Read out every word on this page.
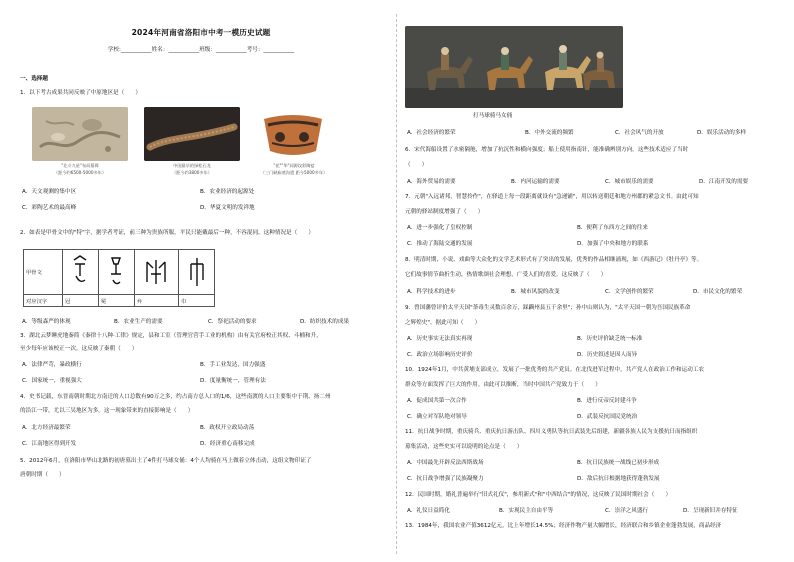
2024年河南省洛阳市中考一模历史试题
学校:___________姓名：___________班级：___________考号：___________
一、选择题
1．以下考古成果共同反映了中原地区是（　　）
"北斗九星"布局墓葬
（距今约6500-5000多年）
中国最早的绿松石龙
（距今约3800多年）
"花""华"同源纹彩陶盆
（三门峡庙底沟遗 距今5000多年）
A．天文观测的集中区	B．农业经济的起源处
C．彩陶艺术的最高峰	D．华夏文明的发祥地
2．如表是甲骨文中的"特"字，据学者考证，前三种为贵族所服，平民只能戴最后一种，不容混同，这种情况是（　　）
甲骨文	

对应汉字	冠	冕	弁	巾
A．等级森严的体现	B．农业生产的需要	C．祭祀活动的要求	D．纺织技术的成果
3．湖北云梦睡虎地秦简《秦律十八种·工律》规定，县和工室（管理官营手工业的机构）由有关官府校正其权、斗桶和升，
至少每年应该校正一次。这反映了秦朝（　　）
A．法律严苛，暴政横行	B．手工业发达，国力强盛
C．国家统一，重视强大	D．度量衡统一，管理有法
4．史书记载，东晋南朝时期北方南迁的人口总数有90万之多，约占南方总人口的1/6，这些南渡的人口主要集中于荆、扬二州
的沿江一带，尤以三吴地区为多。这一现象带来的直接影响是（　　）
A．北方经济最繁荣	B．政权开立政局动荡
C．江南地区得到开发	D．经济重心南移完成
5．2012年6月，在洛阳市华山北路的初唐墓出土了4件打马球女俑：4个人均骑在马上做着立体击动，这组文物印证了
唐朝时期（　　）
打马球骑马女俑
A．社会经济的繁荣	B．中外交流的频繁	C．社会风气的开放	D．娱乐活动的多样
6．宋代海船设置了水密隔舱，增加了抗沉性和横向强度；船上使用指南针，能准确辨别方向。这些技术适应了当时
（　　）
A．海外贸易的需要	B．内河运输的需要	C．城市娱乐的需要	D．江南开发的需要
7．元朝"入远诸邦，智慧拎作"，在驿道上每一段距离就设有"急递铺"，用以转送朝廷和地方州郡的紧急文书。由此可知
元朝的驿站制度增强了（　　）
A．进一步强化了皇权控制	B．便利了东西方之间的往来
C．推动了海陆交通的发展	D．加强了中央和地方的联系
8．明清时期，小说、戏曲等大众化的文学艺术形式有了突出的发展，优秀的作品相继涌现，如《西游记》《牡丹亭》等。
它们故事情节曲折生动，热情歌颂社会理想，广受人们的喜爱。这反映了（　　）
A．科学技术的进步	B．城市风貌的改变	C．文学创作的繁荣	D．市民文化的繁荣
9．曾国藩曾评价太平天国"荼毒生灵数百余万，踩躏州县五千余里"；孙中山则认为，"太平天国一朝为吾国民族革命
之辉煌史"。据此可知（　　）
A．历史事实无法真实再现	B．历史评价缺乏统一标准
C．政治立场影响历史评价	D．历史叙述是因人而异
10．1924年1月，中共黄埔支部成立，发展了一批优秀的共产党员。在北伐进军过程中，共产党人在政治工作和运动工农
群众等方面发挥了巨大的作用。由此可以推断，当时中国共产党致力于（　　）
A．促成国共第一次合作	B．进行反帝反封建斗争
C．确立对军队绝对领导	D．武装反抗国民党统治
11．抗日战争时期，重庆骑兵、重庆抗日游击队、四川义勇队等抗日武装先后组建，新疆各族人民为支援抗日而指组织
募集活动，这些史实可以说明的论点是（　　）
A．中国最先开辟反法西斯战场	B．抗日民族统一战线已初步形成
C．抗日战争增强了民族凝聚力	D．敌后抗日根据地获得蓬勃发展
12．民国时期，婚礼普遍举行"旧式礼仪"，参用新式"和"中西结合"的情况，这反映了民国时期社会（　　）
A．礼仪日益简化	B．实现民主自由平等	C．崇洋之风盛行	D．呈现新旧并存特征
13．1984年，我国农业产值3612亿元，比上年增长14.5%；经济作物产量大幅增长，经济联合和乡镇企业蓬勃发展，商品经济
